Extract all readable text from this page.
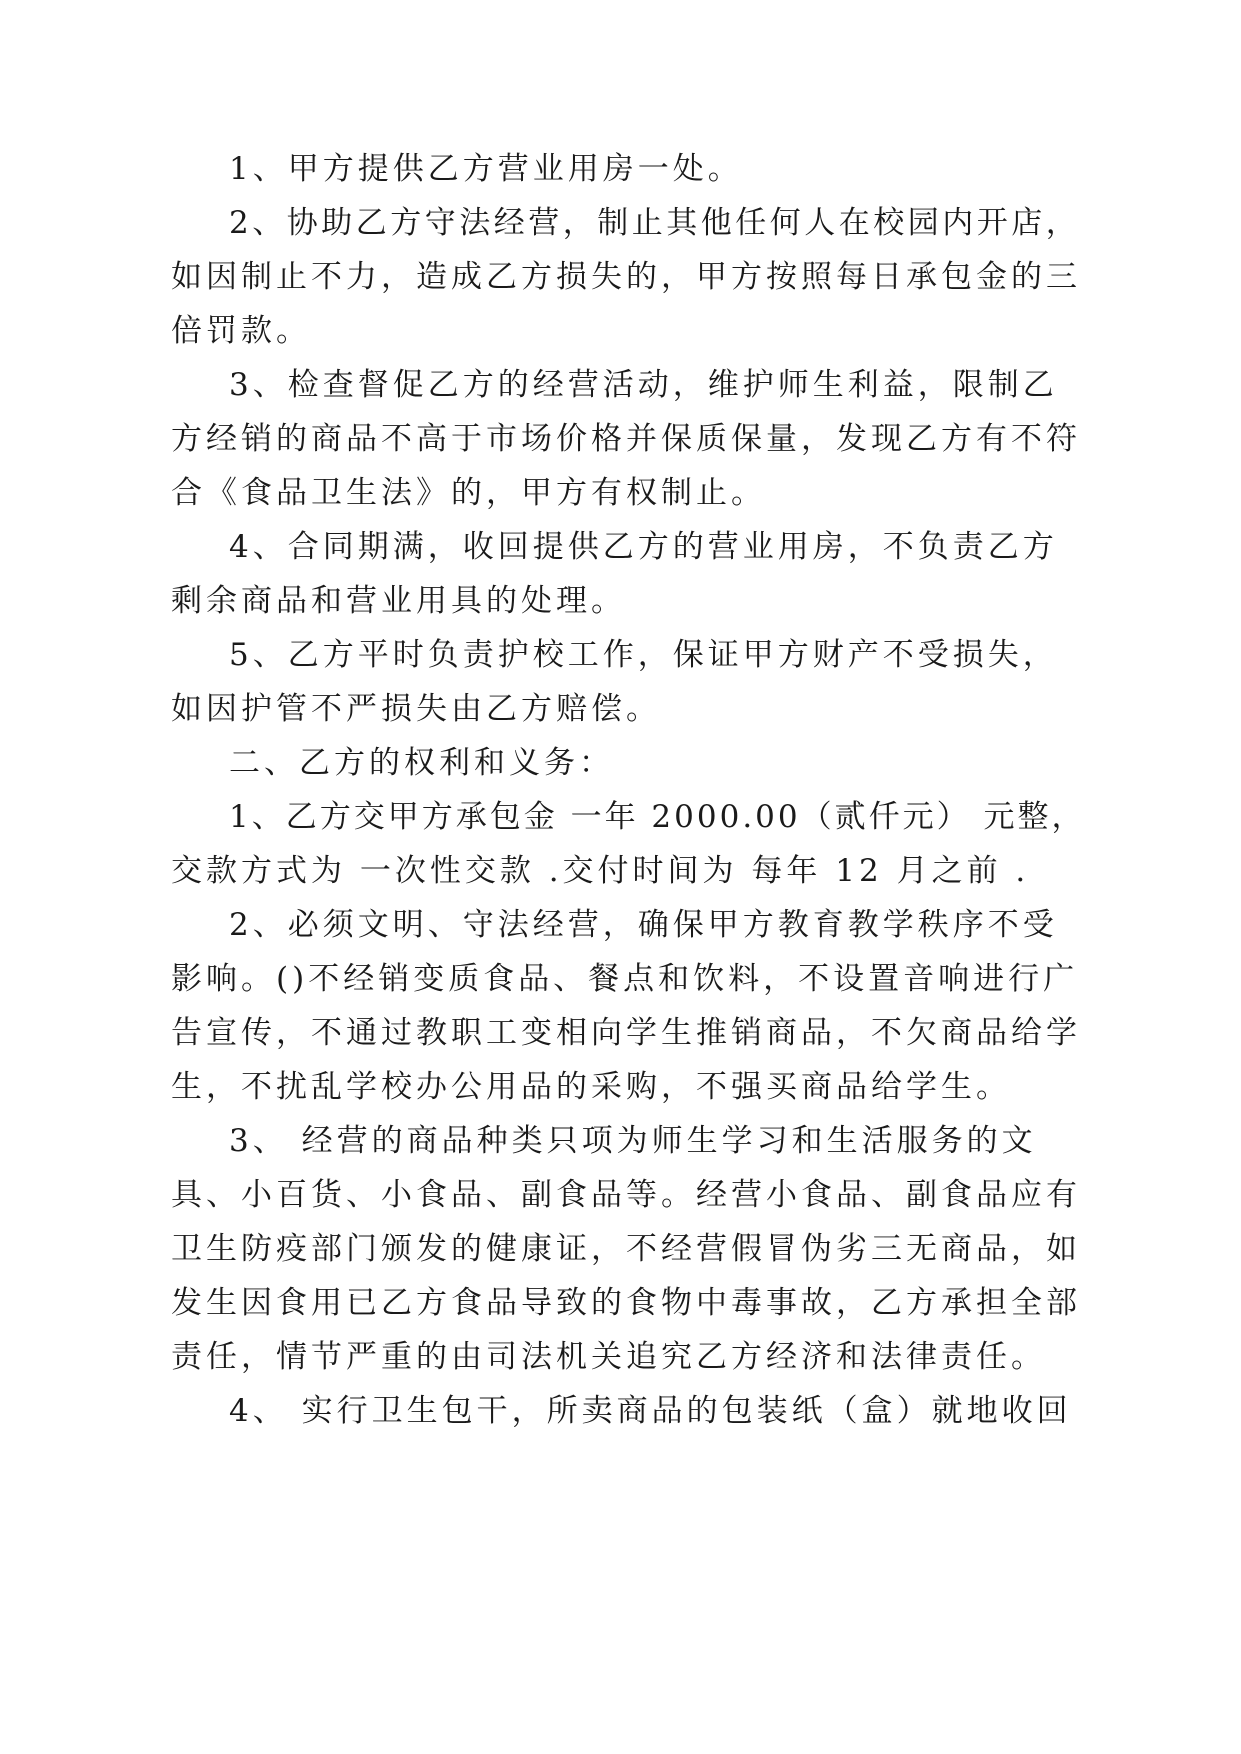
1、甲方提供乙方营业用房一处。

2、协助乙方守法经营，制止其他任何人在校园内开店，

如因制止不力，造成乙方损失的，甲方按照每日承包金的三

倍罚款。

3、检查督促乙方的经营活动，维护师生利益，限制乙

方经销的商品不高于市场价格并保质保量，发现乙方有不符

合《食品卫生法》的，甲方有权制止。

4、合同期满，收回提供乙方的营业用房，不负责乙方

剩余商品和营业用具的处理。

5、乙方平时负责护校工作，保证甲方财产不受损失，

如因护管不严损失由乙方赔偿。

二、乙方的权利和义务：

1、乙方交甲方承包金 一年 2000.00（贰仟元） 元整，

交款方式为 一次性交款 .交付时间为 每年 12 月之前 .

2、必须文明、守法经营，确保甲方教育教学秩序不受

影响。()不经销变质食品、餐点和饮料，不设置音响进行广

告宣传，不通过教职工变相向学生推销商品，不欠商品给学

生，不扰乱学校办公用品的采购，不强买商品给学生。

3、 经营的商品种类只项为师生学习和生活服务的文

具、小百货、小食品、副食品等。经营小食品、副食品应有

卫生防疫部门颁发的健康证，不经营假冒伪劣三无商品，如

发生因食用已乙方食品导致的食物中毒事故，乙方承担全部

责任，情节严重的由司法机关追究乙方经济和法律责任。

4、 实行卫生包干，所卖商品的包装纸（盒）就地收回
